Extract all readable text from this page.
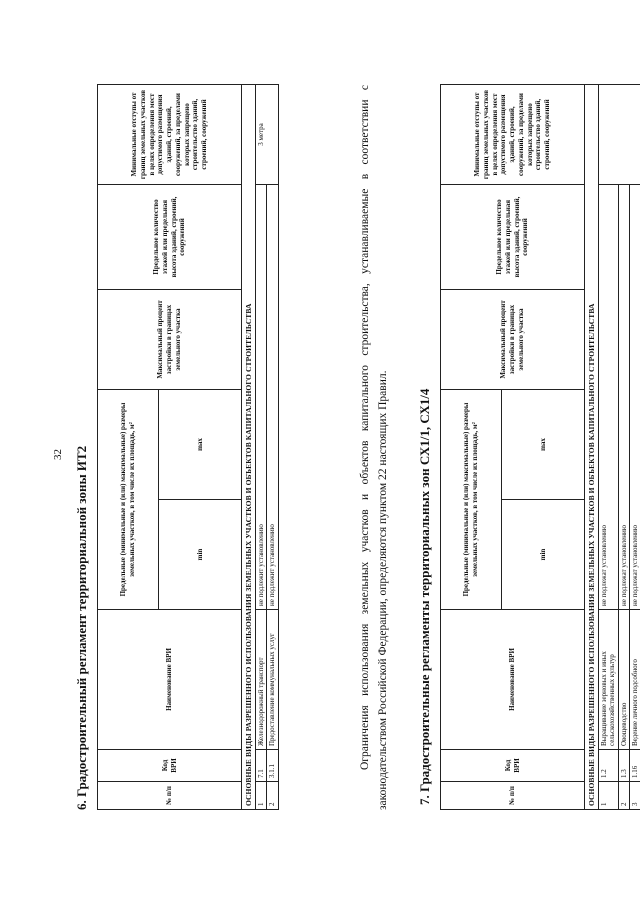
32 6. Градостроительный регламент территориальной зоны ИТ2	№ п/п	Код ВРИ	Наименование ВРИ	Предельные (минимальные и (или) максимальные) размеры земельных участков, в том числе их площадь, м²		Максимальный процент застройки в границах земельного участка	Предельное количество этажей или предельная высота зданий, строений, сооружений	Минимальные отступы от границ земельных участков в целях определения мест допустимого размещения зданий, строений, сооружений, за пределами которых запрещено строительство зданий, строений, сооружений
			min	max			
ОСНОВНЫЕ ВИДЫ РАЗРЕШЕННОГО ИСПОЛЬЗОВАНИЯ ЗЕМЕЛЬНЫХ УЧАСТКОВ И ОБЪЕКТОВ КАПИТАЛЬНОГО СТРОИТЕЛЬСТВА							
1	7.1	Железнодорожный транспорт	не подлежит установлению				3 метра
2	3.1.1	Предоставление коммунальных услуг	не подлежит установлению					Ограничения использования земельных участков и объектов капитального строительства, устанавливаемые в соответствии с законодательством Российской Федерации, определяются пунктом 22 настоящих Правил. 7. Градостроительные регламенты территориальных зон СХ1/1, СХ1/4	№ п/п	Код ВРИ	Наименование ВРИ	Предельные (минимальные и (или) максимальные) размеры земельных участков, в том числе их площадь, м²		Максимальный процент застройки в границах земельного участка	Предельное количество этажей или предельная высота зданий, строений, сооружений	Минимальные отступы от границ земельных участков в целях определения мест допустимого размещения зданий, строений, сооружений, за пределами которых запрещено строительство зданий, строений, сооружений
			min	max			
ОСНОВНЫЕ ВИДЫ РАЗРЕШЕННОГО ИСПОЛЬЗОВАНИЯ ЗЕМЕЛЬНЫХ УЧАСТКОВ И ОБЪЕКТОВ КАПИТАЛЬНОГО СТРОИТЕЛЬСТВА							
1	1.2	Выращивание зерновых и иных сельскохозяйственных культур	не подлежат установлению				
2	1.3	Овощеводство	не подлежат установлению				
3	1.16	Ведение личного подсобного	не подлежат установлению				
